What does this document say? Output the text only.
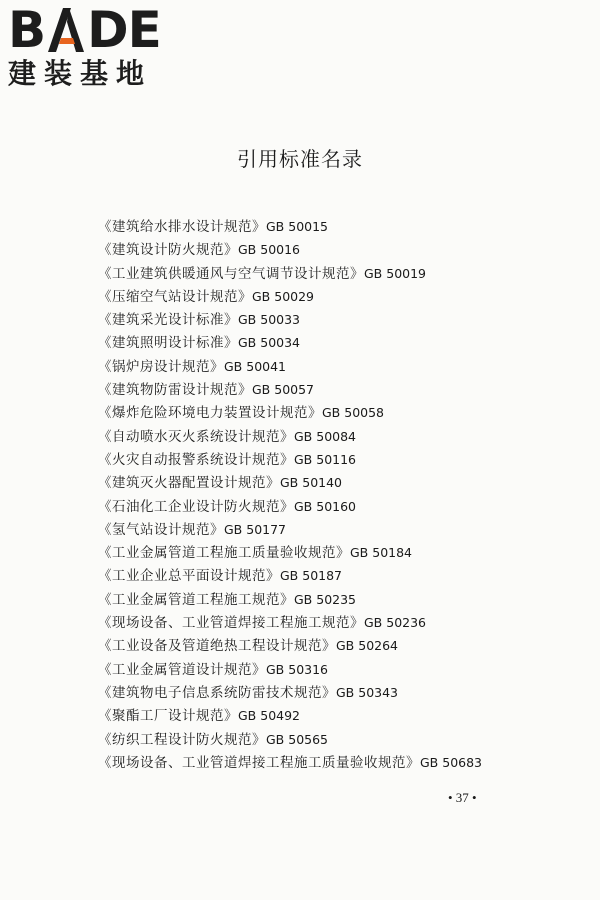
B D E
建装基地
引用标准名录
《建筑给水排水设计规范》GB 50015
《建筑设计防火规范》GB 50016
《工业建筑供暖通风与空气调节设计规范》GB 50019
《压缩空气站设计规范》GB 50029
《建筑采光设计标准》GB 50033
《建筑照明设计标准》GB 50034
《锅炉房设计规范》GB 50041
《建筑物防雷设计规范》GB 50057
《爆炸危险环境电力装置设计规范》GB 50058
《自动喷水灭火系统设计规范》GB 50084
《火灾自动报警系统设计规范》GB 50116
《建筑灭火器配置设计规范》GB 50140
《石油化工企业设计防火规范》GB 50160
《氢气站设计规范》GB 50177
《工业金属管道工程施工质量验收规范》GB 50184
《工业企业总平面设计规范》GB 50187
《工业金属管道工程施工规范》GB 50235
《现场设备、工业管道焊接工程施工规范》GB 50236
《工业设备及管道绝热工程设计规范》GB 50264
《工业金属管道设计规范》GB 50316
《建筑物电子信息系统防雷技术规范》GB 50343
《聚酯工厂设计规范》GB 50492
《纺织工程设计防火规范》GB 50565
《现场设备、工业管道焊接工程施工质量验收规范》GB 50683
• 37 •
